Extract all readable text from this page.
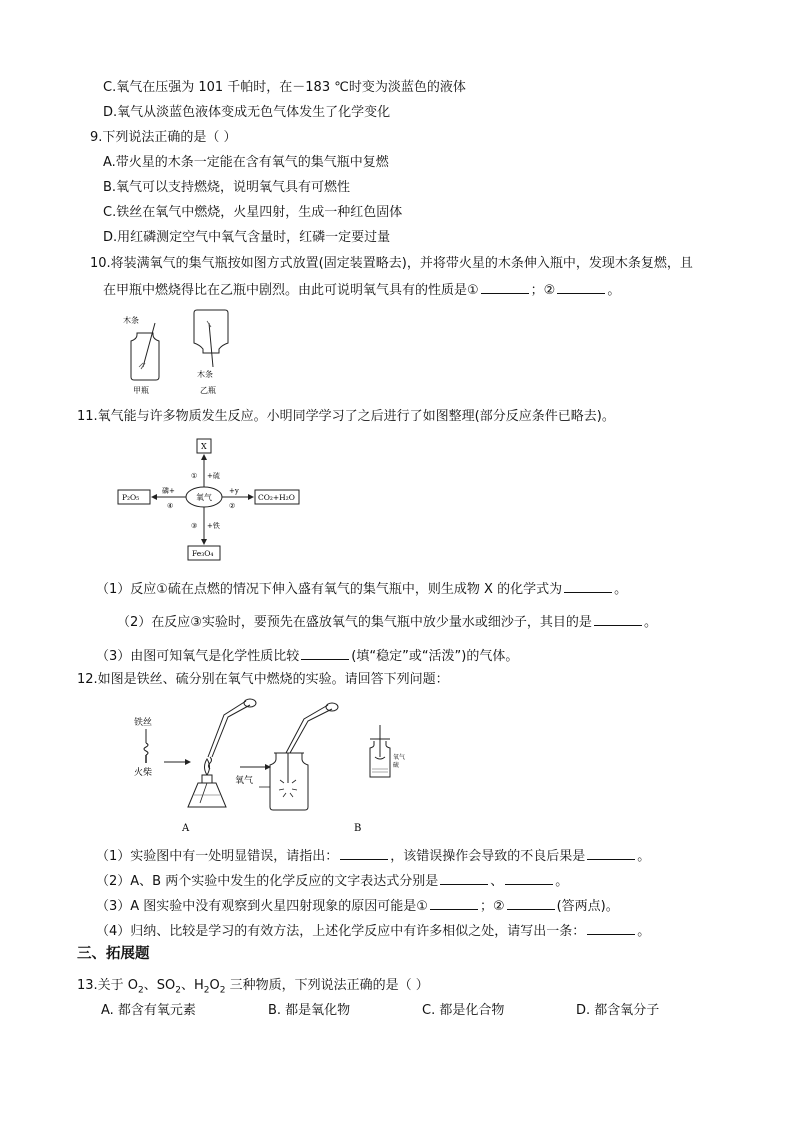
C.氧气在压强为 101 千帕时，在－183 ℃时变为淡蓝色的液体
D.氧气从淡蓝色液体变成无色气体发生了化学变化
9.下列说法正确的是（ ）
A.带火星的木条一定能在含有氧气的集气瓶中复燃
B.氧气可以支持燃烧，说明氧气具有可燃性
C.铁丝在氧气中燃烧，火星四射，生成一种红色固体
D.用红磷测定空气中氧气含量时，红磷一定要过量
10.将装满氧气的集气瓶按如图方式放置(固定装置略去)，并将带火星的木条伸入瓶中，发现木条复燃，且
在甲瓶中燃烧得比在乙瓶中剧烈。由此可说明氧气具有的性质是①	；②	。
木条
甲瓶
木条
乙瓶
11.氧气能与许多物质发生反应。小明同学学习了之后进行了如图整理(部分反应条件已略去)。
氧气
X
① +硫
CO₂+H₂O
+y
②
P₂O₅
磷+
④
Fe₃O₄
③ +铁
（1）反应①硫在点燃的情况下伸入盛有氧气的集气瓶中，则生成物 X 的化学式为	。
（2）在反应③实验时，要预先在盛放氧气的集气瓶中放少量水或细沙子，其目的是	。
（3）由图可知氧气是化学性质比较	(填“稳定”或“活泼”)的气体。
12.如图是铁丝、硫分别在氧气中燃烧的实验。请回答下列问题：
铁丝
火柴
氧气
A
氧气
硫
B
（1）实验图中有一处明显错误，请指出：	，该错误操作会导致的不良后果是	。
（2）A、B 两个实验中发生的化学反应的文字表达式分别是	、	。
（3）A 图实验中没有观察到火星四射现象的原因可能是①	；②	(答两点)。
（4）归纳、比较是学习的有效方法，上述化学反应中有许多相似之处，请写出一条：	。
三、拓展题
13.关于 $O_2$、$SO_2$、$H_2O_2$ 三种物质，下列说法正确的是（ ）
A. 都含有氧元素	B. 都是氧化物	C. 都是化合物	D. 都含氧分子
